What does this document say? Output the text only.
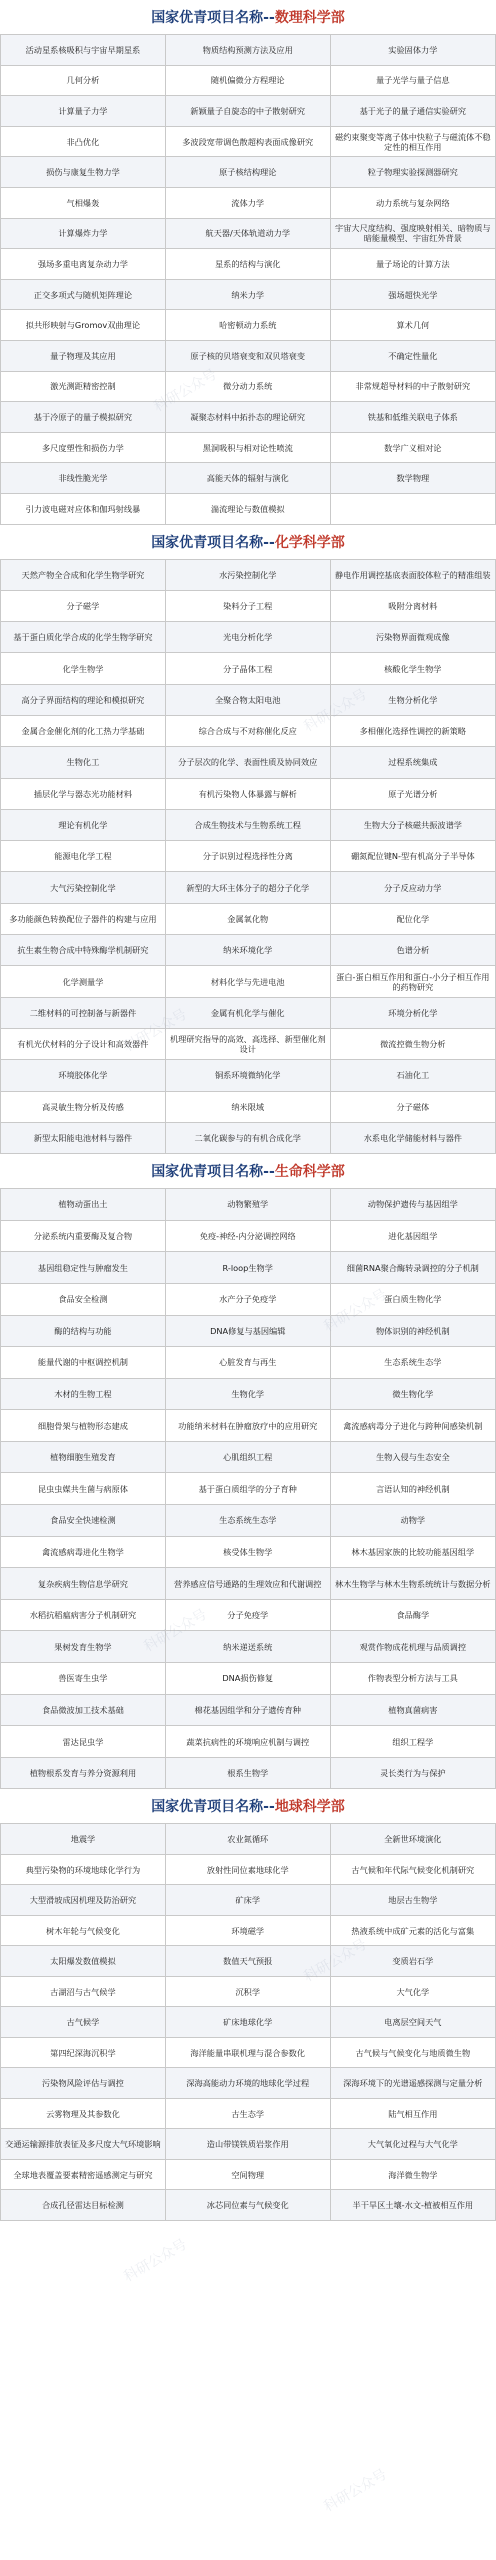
国家优青项目名称-- 数理科学部
活动星系核吸积与宇宙早期星系	物质结构预测方法及应用	实验固体力学
几何分析	随机偏微分方程理论	量子光学与量子信息
计算量子力学	新颖量子自旋态的中子散射研究	基于光子的量子通信实验研究
非凸优化	多波段宽带调色散超构表面成像研究	磁约束聚变等离子体中快粒子与磁流体不稳定性的相互作用
损伤与康复生物力学	原子核结构理论	粒子物理实验探测器研究
气相爆轰	流体力学	动力系统与复杂网络
计算爆炸力学	航天器/天体轨道动力学	宇宙大尺度结构、强度映射相关、暗物质与暗能量模型、宇宙红外背景
强场多重电离复杂动力学	星系的结构与演化	量子场论的计算方法
正交多项式与随机矩阵理论	纳米力学	强场超快光学
拟共形映射与Gromov双曲理论	哈密顿动力系统	算术几何
量子物理及其应用	原子核的贝塔衰变和双贝塔衰变	不确定性量化
激光测距精密控制	微分动力系统	非常规超导材料的中子散射研究
基于冷原子的量子模拟研究	凝聚态材料中拓扑态的理论研究	铁基和低维关联电子体系
多尺度塑性和损伤力学	黑洞吸积与相对论性喷流	数学广义相对论
非线性脆光学	高能天体的辐射与演化	数学物理
引力波电磁对应体和伽玛射线暴	湍流理论与数值模拟	
国家优青项目名称-- 化学科学部
天然产物全合成和化学生物学研究	水污染控制化学	静电作用调控基底表面胶体粒子的精准组装
分子磁学	染料分子工程	吸附分离材料
基于蛋白质化学合成的化学生物学研究	光电分析化学	污染物界面微观成像
化学生物学	分子晶体工程	核酸化学生物学
高分子界面结构的理论和模拟研究	全聚合物太阳电池	生物分析化学
金属合金催化剂的化工热力学基础	综合合成与不对称催化反应	多相催化选择性调控的新策略
生物化工	分子层次的化学、表面性质及协同效应	过程系统集成
插层化学与器态光功能材料	有机污染物人体暴露与解析	原子光谱分析
理论有机化学	合成生物技术与生物系统工程	生物大分子核磁共振波谱学
能源电化学工程	分子识别过程选择性分离	硼氮配位键N-型有机高分子半导体
大气污染控制化学	新型的大环主体分子的超分子化学	分子反应动力学
多功能颜色转换配位子器件的构建与应用	金属氧化物	配位化学
抗生素生物合成中特殊酶学机制研究	纳米环境化学	色谱分析
化学测量学	材料化学与先进电池	蛋白-蛋白相互作用和蛋白-小分子相互作用的药物研究
二维材料的可控制备与新器件	金属有机化学与催化	环境分析化学
有机光伏材料的分子设计和高效器件	机理研究指导的高效、高选择、新型催化剂设计	微流控微生物分析
环境胶体化学	铜系环境微纳化学	石油化工
高灵敏生物分析及传感	纳米限域	分子磁体
新型太阳能电池材料与器件	二氧化碳参与的有机合成化学	水系电化学储能材料与器件
国家优青项目名称-- 生命科学部
植物动蛋出土	动物繁殖学	动物保护遗传与基因组学
分泌系统内重要酶及复合物	免疫-神经-内分泌调控网络	进化基因组学
基因组稳定性与肿瘤发生	R-loop生物学	细菌RNA聚合酶转录调控的分子机制
食品安全检测	水产分子免疫学	蛋白质生物化学
酶的结构与功能	DNA修复与基因编辑	物体识别的神经机制
能量代谢的中枢调控机制	心脏发育与再生	生态系统生态学
木材的生物工程	生物化学	微生物化学
细胞骨架与植物形态建成	功能纳米材料在肿瘤放疗中的应用研究	禽流感病毒分子进化与跨种间感染机制
植物细胞生殖发育	心肌组织工程	生物入侵与生态安全
昆虫虫媒共生菌与病原体	基于蛋白质组学的分子育种	言语认知的神经机制
食品安全快速检测	生态系统生态学	动物学
禽流感病毒进化生物学	核受体生物学	林木基因家族的比较功能基因组学
复杂疾病生物信息学研究	营养感应信号通路的生理效应和代谢调控	林木生物学与林木生物系统统计与数据分析
水稻抗稻瘟病害分子机制研究	分子免疫学	食品酶学
果树发育生物学	纳米递送系统	观赏作物成花机理与品质调控
兽医寄生虫学	DNA损伤修复	作物表型分析方法与工具
食品微波加工技术基础	棉花基因组学和分子遗传育种	植物真菌病害
雷达昆虫学	蔬菜抗病性的环境响应机制与调控	组织工程学
植物根系发育与养分资源利用	根系生物学	灵长类行为与保护
国家优青项目名称-- 地球科学部
地震学	农业氮循环	全新世环境演化
典型污染物的环境地球化学行为	放射性同位素地球化学	古气候和年代际气候变化机制研究
大型滑坡成因机理及防治研究	矿床学	地层古生物学
树木年轮与气候变化	环境磁学	热液系统中成矿元素的活化与富集
太阳爆发数值模拟	数值天气预报	变质岩石学
古湖沼与古气候学	沉积学	大气化学
古气候学	矿床地球化学	电离层空间天气
第四纪深海沉积学	海洋能量串联机理与混合参数化	古气候与气候变化与地质微生物
污染物风险评估与调控	深海高能动力环境的地球化学过程	深海环境下的光谱遥感探测与定量分析
云雾物理及其参数化	古生态学	陆气相互作用
交通运输源排放表征及多尺度大气环境影响	造山带镁铁质岩浆作用	大气氧化过程与大气化学
全球地表覆盖要素精密遥感测定与研究	空间物理	海洋微生物学
合成孔径雷达目标检测	冰芯同位素与气候变化	半干旱区土壤-水文-植被相互作用
科研公众号
科研公众号
